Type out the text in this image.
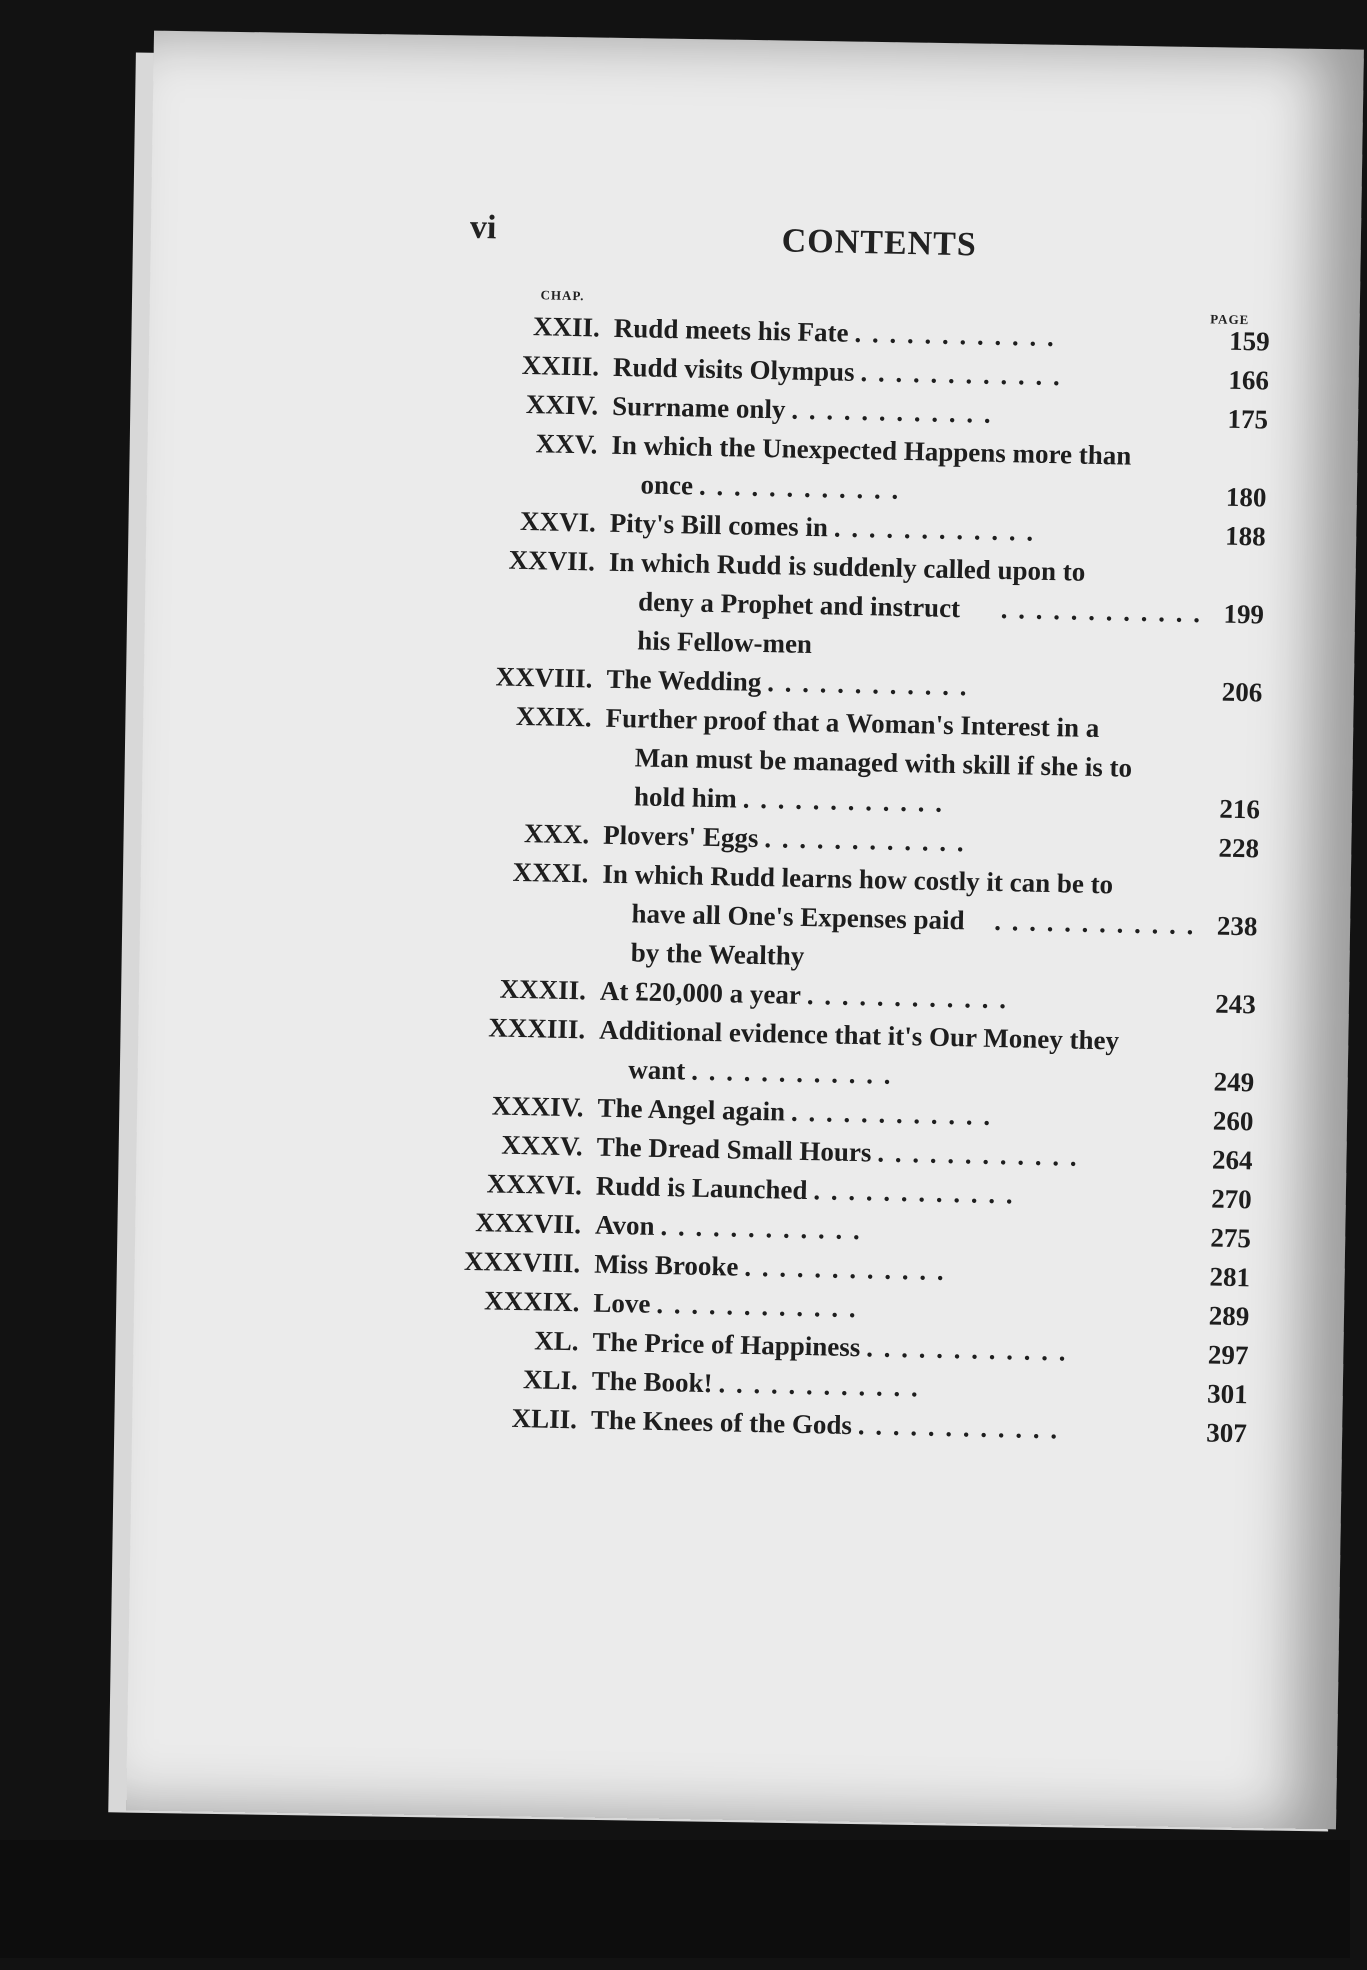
vi	CONTENTS
CHAP.
PAGE
XXII. Rudd meets his Fate . . . . . . . . . . . .	159
XXIII. Rudd visits Olympus . . . . . . . . . . . .	166
XXIV. Surrname only . . . . . . . . . . . .	175
XXV. In which the Unexpected Happens more than
once . . . . . . . . . . . .	180
XXVI. Pity's Bill comes in . . . . . . . . . . . .	188
XXVII. In which Rudd is suddenly called upon to
deny a Prophet and instruct his Fellow-men
. . . . . . . . . . . . 199
XXVIII. The Wedding . . . . . . . . . . . .	206
XXIX. Further proof that a Woman's Interest in a
Man must be managed with skill if she is to
hold him . . . . . . . . . . . .	216
XXX. Plovers' Eggs . . . . . . . . . . . .	228
XXXI. In which Rudd learns how costly it can be to
have all One's Expenses paid by the Wealthy
. . . . . . . . . . . . 238
XXXII. At £20,000 a year . . . . . . . . . . . .	243
XXXIII. Additional evidence that it's Our Money they
want . . . . . . . . . . . .	249
XXXIV. The Angel again . . . . . . . . . . . .	260
XXXV. The Dread Small Hours . . . . . . . . . . . .	264
XXXVI. Rudd is Launched . . . . . . . . . . . .	270
XXXVII. Avon . . . . . . . . . . . .	275
XXXVIII. Miss Brooke . . . . . . . . . . . .	281
XXXIX. Love . . . . . . . . . . . .	289
XL. The Price of Happiness . . . . . . . . . . . .	297
XLI. The Book! . . . . . . . . . . . .	301
XLII. The Knees of the Gods . . . . . . . . . . . .	307
